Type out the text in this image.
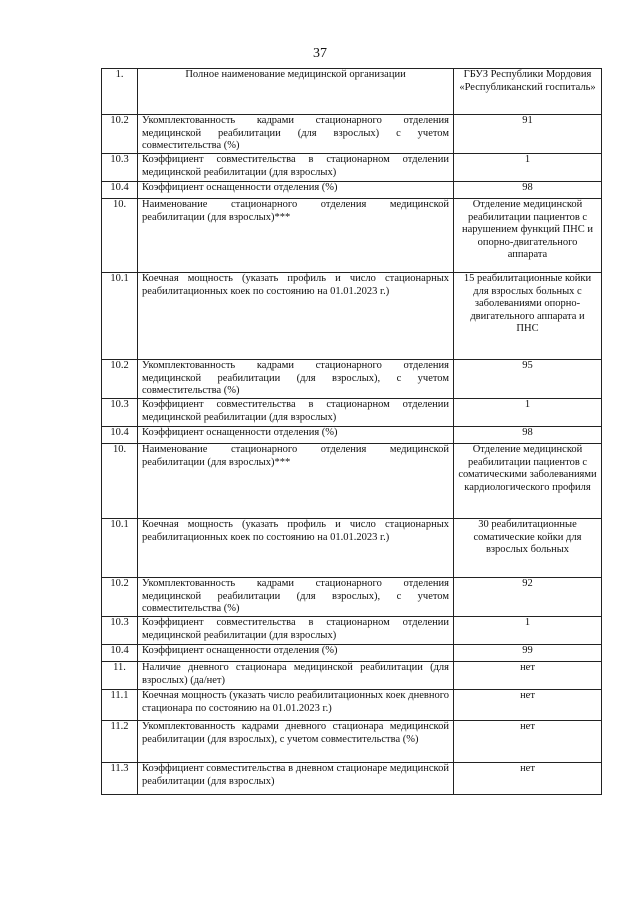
37
1.	Полное наименование медицинской организации	ГБУЗ Республики Мордовия «Республиканский госпиталь»
10.2	Укомплектованность кадрами стационарного отделения медицинской реабилитации (для взрослых) с учетом совместительства (%)	91
10.3	Коэффициент совместительства в стационарном отделении медицинской реабилитации (для взрослых)	1
10.4	Коэффициент оснащенности отделения (%)	98
10.	Наименование стационарного отделения медицинской реабилитации (для взрослых)***	Отделение медицинской реабилитации пациентов с нарушением функций ПНС и опорно-двигательного аппарата
10.1	Коечная мощность (указать профиль и число стационарных реабилитационных коек по состоянию на 01.01.2023 г.)	15 реабилитационные койки для взрослых больных с заболеваниями опорно-двигательного аппарата и ПНС
10.2	Укомплектованность кадрами стационарного отделения медицинской реабилитации (для взрослых), с учетом совместительства (%)	95
10.3	Коэффициент совместительства в стационарном отделении медицинской реабилитации (для взрослых)	1
10.4	Коэффициент оснащенности отделения (%)	98
10.	Наименование стационарного отделения медицинской реабилитации (для взрослых)***	Отделение медицинской реабилитации пациентов с соматическими заболеваниями кардиологического профиля
10.1	Коечная мощность (указать профиль и число стационарных реабилитационных коек по состоянию на 01.01.2023 г.)	30 реабилитационные соматические койки для взрослых больных
10.2	Укомплектованность кадрами стационарного отделения медицинской реабилитации (для взрослых), с учетом совместительства (%)	92
10.3	Коэффициент совместительства в стационарном отделении медицинской реабилитации (для взрослых)	1
10.4	Коэффициент оснащенности отделения (%)	99
11.	Наличие дневного стационара медицинской реабилитации (для взрослых) (да/нет)	нет
11.1	Коечная мощность (указать число реабилитационных коек дневного стационара по состоянию на 01.01.2023 г.)	нет
11.2	Укомплектованность кадрами дневного стационара медицинской реабилитации (для взрослых), с учетом совместительства (%)	нет
11.3	Коэффициент совместительства в дневном стационаре медицинской реабилитации (для взрослых)	нет
